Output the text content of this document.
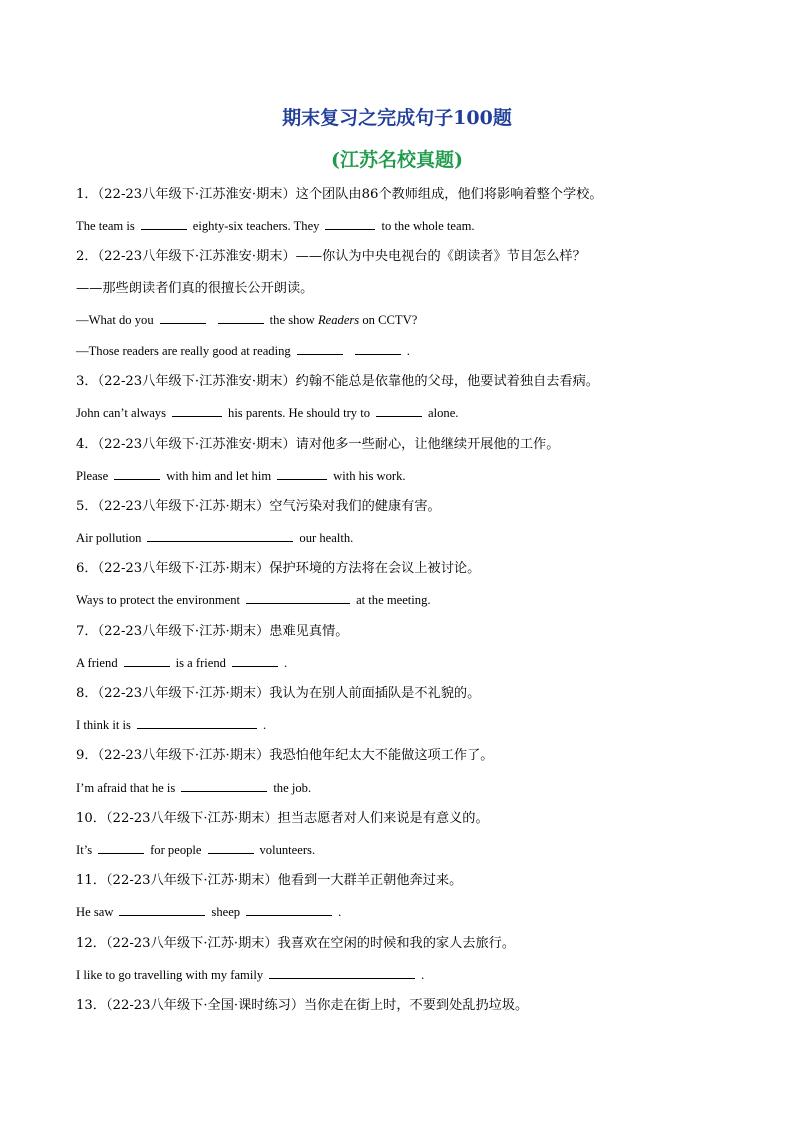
期末复习之完成句子100题
(江苏名校真题)
1．（22-23八年级下·江苏淮安·期末）这个团队由86个教师组成，他们将影响着整个学校。
The team is	eighty-six teachers. They	to the whole team.
2．（22-23八年级下·江苏淮安·期末）——你认为中央电视台的《朗读者》节目怎么样？
——那些朗读者们真的很擅长公开朗读。
—What do you	the show Readers on CCTV?
—Those readers are really good at reading	.
3．（22-23八年级下·江苏淮安·期末）约翰不能总是依靠他的父母，他要试着独自去看病。
John can’t always	his parents. He should try to	alone.
4．（22-23八年级下·江苏淮安·期末）请对他多一些耐心，让他继续开展他的工作。
Please	with him and let him	with his work.
5．（22-23八年级下·江苏·期末）空气污染对我们的健康有害。
Air pollution	our health.
6．（22-23八年级下·江苏·期末）保护环境的方法将在会议上被讨论。
Ways to protect the environment	at the meeting.
7．（22-23八年级下·江苏·期末）患难见真情。
A friend	is a friend	.
8．（22-23八年级下·江苏·期末）我认为在别人前面插队是不礼貌的。
I think it is	.
9．（22-23八年级下·江苏·期末）我恐怕他年纪太大不能做这项工作了。
I’m afraid that he is	the job.
10．（22-23八年级下·江苏·期末）担当志愿者对人们来说是有意义的。
It’s	for people	volunteers.
11．（22-23八年级下·江苏·期末）他看到一大群羊正朝他奔过来。
He saw	sheep	.
12．（22-23八年级下·江苏·期末）我喜欢在空闲的时候和我的家人去旅行。
I like to go travelling with my family	.
13．（22-23八年级下·全国·课时练习）当你走在街上时，不要到处乱扔垃圾。
